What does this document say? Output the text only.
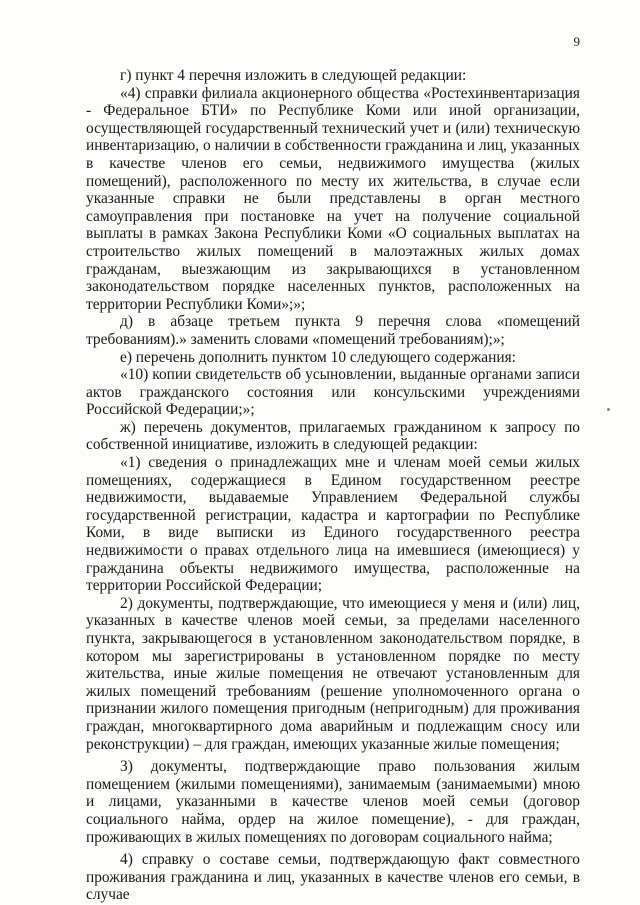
9

г) пункт 4 перечня изложить в следующей редакции:

«4) справки филиала акционерного общества «Ростехинвентаризация - Федеральное БТИ» по Республике Коми или иной организации, осуществляющей государственный технический учет и (или) техническую инвентаризацию, о наличии в собственности гражданина и лиц, указанных в качестве членов его семьи, недвижимого имущества (жилых помещений), расположенного по месту их жительства, в случае если указанные справки не были представлены в орган местного самоуправления при постановке на учет на получение социальной выплаты в рамках Закона Республики Коми «О социальных выплатах на строительство жилых помещений в малоэтажных жилых домах гражданам, выезжающим из закрывающихся в установленном законодательством порядке населенных пунктов, расположенных на территории Республики Коми»;»;

д) в абзаце третьем пункта 9 перечня слова «помещений требованиям).» заменить словами «помещений требованиям);»;

е) перечень дополнить пунктом 10 следующего содержания:

«10) копии свидетельств об усыновлении, выданные органами записи актов гражданского состояния или консульскими учреждениями Российской Федерации;»;

ж) перечень документов, прилагаемых гражданином к запросу по собственной инициативе, изложить в следующей редакции:

«1) сведения о принадлежащих мне и членам моей семьи жилых помещениях, содержащиеся в Едином государственном реестре недвижимости, выдаваемые Управлением Федеральной службы государственной регистрации, кадастра и картографии по Республике Коми, в виде выписки из Единого государственного реестра недвижимости о правах отдельного лица на имевшиеся (имеющиеся) у гражданина объекты недвижимого имущества, расположенные на территории Российской Федерации;

2) документы, подтверждающие, что имеющиеся у меня и (или) лиц, указанных в качестве членов моей семьи, за пределами населенного пункта, закрывающегося в установленном законодательством порядке, в котором мы зарегистрированы в установленном порядке по месту жительства, иные жилые помещения не отвечают установленным для жилых помещений требованиям (решение уполномоченного органа о признании жилого помещения пригодным (непригодным) для проживания граждан, многоквартирного дома аварийным и подлежащим сносу или реконструкции) – для граждан, имеющих указанные жилые помещения;

3) документы, подтверждающие право пользования жилым помещением (жилыми помещениями), занимаемым (занимаемыми) мною и лицами, указанными в качестве членов моей семьи (договор социального найма, ордер на жилое помещение), - для граждан, проживающих в жилых помещениях по договорам социального найма;

4) справку о составе семьи, подтверждающую факт совместного проживания гражданина и лиц, указанных в качестве членов его семьи, в случае
